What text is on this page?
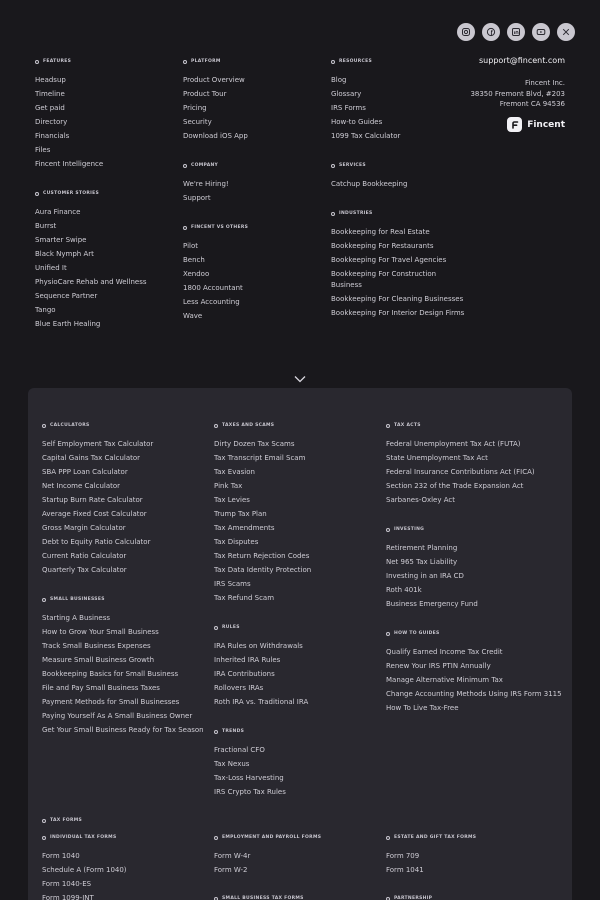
FEATURES
Headsup
Timeline
Get paid
Directory
Financials
Files
Fincent Intelligence
CUSTOMER STORIES
Aura Finance
Burrst
Smarter Swipe
Black Nymph Art
Unified It
PhysioCare Rehab and Wellness
Sequence Partner
Tango
Blue Earth Healing
PLATFORM
Product Overview
Product Tour
Pricing
Security
Download iOS App
COMPANY
We're Hiring!
Support
FINCENT VS OTHERS
Pilot
Bench
Xendoo
1800 Accountant
Less Accounting
Wave
RESOURCES
Blog
Glossary
IRS Forms
How-to Guides
1099 Tax Calculator
SERVICES
Catchup Bookkeeping
INDUSTRIES
Bookkeeping for Real Estate
Bookkeeping For Restaurants
Bookkeeping For Travel Agencies
Bookkeeping For Construction Business
Bookkeeping For Cleaning Businesses
Bookkeeping For Interior Design Firms
support@fincent.com
Fincent Inc.
38350 Fremont Blvd, #203
Fremont CA 94536
Fincent
CALCULATORS
Self Employment Tax Calculator
Capital Gains Tax Calculator
SBA PPP Loan Calculator
Net Income Calculator
Startup Burn Rate Calculator
Average Fixed Cost Calculator
Gross Margin Calculator
Debt to Equity Ratio Calculator
Current Ratio Calculator
Quarterly Tax Calculator
SMALL BUSINESSES
Starting A Business
How to Grow Your Small Business
Track Small Business Expenses
Measure Small Business Growth
Bookkeeping Basics for Small Business
File and Pay Small Business Taxes
Payment Methods for Small Businesses
Paying Yourself As A Small Business Owner
Get Your Small Business Ready for Tax Season
TAXES AND SCAMS
Dirty Dozen Tax Scams
Tax Transcript Email Scam
Tax Evasion
Pink Tax
Tax Levies
Trump Tax Plan
Tax Amendments
Tax Disputes
Tax Return Rejection Codes
Tax Data Identity Protection
IRS Scams
Tax Refund Scam
RULES
IRA Rules on Withdrawals
Inherited IRA Rules
IRA Contributions
Rollovers IRAs
Roth IRA vs. Traditional IRA
TRENDS
Fractional CFO
Tax Nexus
Tax-Loss Harvesting
IRS Crypto Tax Rules
TAX ACTS
Federal Unemployment Tax Act (FUTA)
State Unemployment Tax Act
Federal Insurance Contributions Act (FICA)
Section 232 of the Trade Expansion Act
Sarbanes-Oxley Act
INVESTING
Retirement Planning
Net 965 Tax Liability
Investing in an IRA CD
Roth 401k
Business Emergency Fund
HOW TO GUIDES
Qualify Earned Income Tax Credit
Renew Your IRS PTIN Annually
Manage Alternative Minimum Tax
Change Accounting Methods Using IRS Form 3115
How To Live Tax-Free
TAX FORMS
INDIVIDUAL TAX FORMS
Form 1040
Schedule A (Form 1040)
Form 1040-ES
Form 1099-INT
EMPLOYMENT AND PAYROLL FORMS
Form W-4r
Form W-2
SMALL BUSINESS TAX FORMS
ESTATE AND GIFT TAX FORMS
Form 709
Form 1041
PARTNERSHIP
